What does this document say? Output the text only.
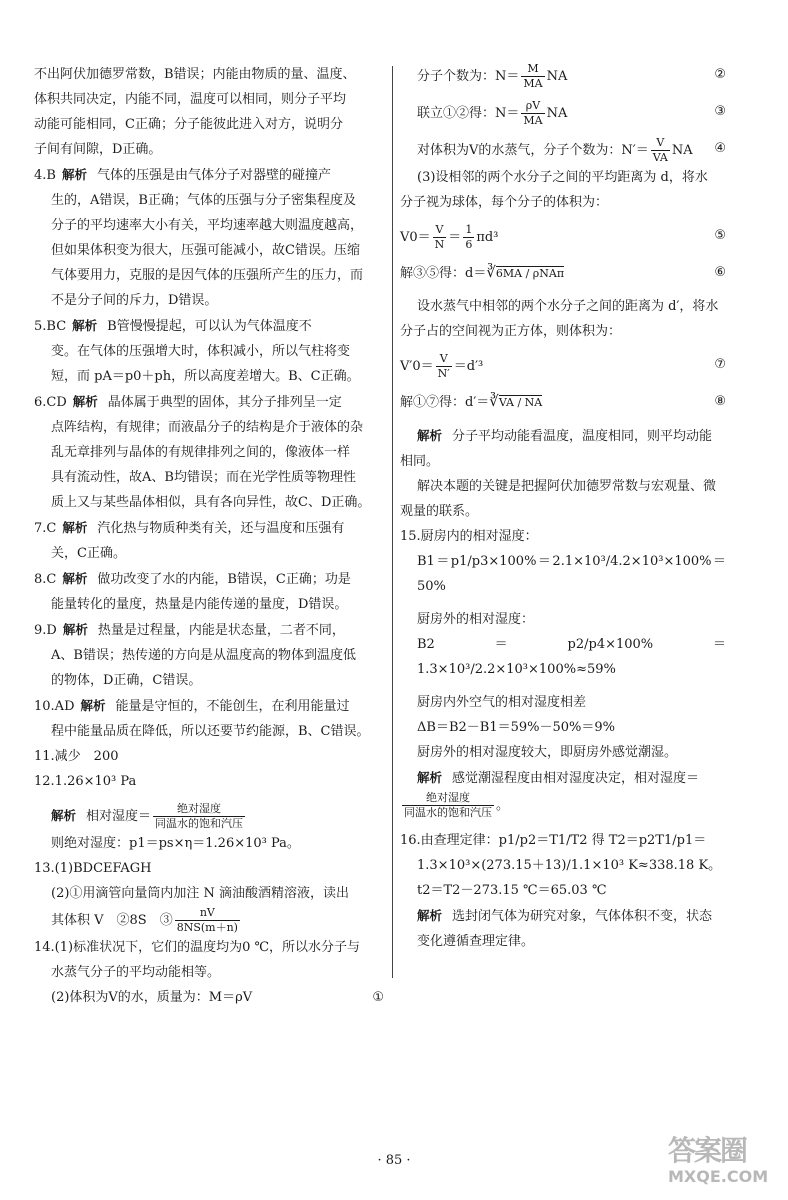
不出阿伏加德罗常数，B错误；内能由物质的量、温度、

体积共同决定，内能不同，温度可以相同，则分子平均

动能可能相同，C正确；分子能彼此进入对方，说明分

子间有间隙，D正确。

4.B 解析 气体的压强是由气体分子对器壁的碰撞产

生的，A错误，B正确；气体的压强与分子密集程度及

分子的平均速率大小有关，平均速率越大则温度越高，

但如果体积变为很大，压强可能减小，故C错误。压缩

气体要用力，克服的是因气体的压强所产生的压力，而

不是分子间的斥力，D错误。

5.BC 解析 B管慢慢提起，可以认为气体温度不

变。在气体的压强增大时，体积减小，所以气柱将变

短，而 pA＝p0＋ph，所以高度差增大。B、C正确。

6.CD 解析 晶体属于典型的固体，其分子排列呈一定

点阵结构，有规律；而液晶分子的结构是介于液体的杂

乱无章排列与晶体的有规律排列之间的，像液体一样

具有流动性，故A、B均错误；而在光学性质等物理性

质上又与某些晶体相似，具有各向异性，故C、D正确。

7.C 解析 汽化热与物质种类有关，还与温度和压强有

关，C正确。

8.C 解析 做功改变了水的内能，B错误，C正确；功是

能量转化的量度，热量是内能传递的量度，D错误。

9.D 解析 热量是过程量，内能是状态量，二者不同，

A、B错误；热传递的方向是从温度高的物体到温度低

的物体，D正确，C错误。

10.AD 解析 能量是守恒的，不能创生，在利用能量过

程中能量品质在降低，所以还要节约能源，B、C错误。

11.减少　200

12.1.26×10³ Pa

解析 相对湿度＝ $\frac{\text{绝对湿度}}{\text{同温水的饱和汽压}}$

则绝对湿度：p1＝ps×η＝1.26×10³ Pa。

13.(1)BDCEFAGH

(2)①用滴管向量筒内加注 N 滴油酸酒精溶液，读出

其体积 V　②8S　③ $\frac{nV}{8NS(m+n)}$

14.(1)标准状况下，它们的温度均为0 ℃，所以水分子与

水蒸气分子的平均动能相等。

(2)体积为V的水，质量为：M＝ρV	①

分子个数为：$N= \frac{M}{MA}$ NA	②

联立①②得：$N= \frac{\rho V}{MA}$ NA	③

对体积为V的水蒸气，分子个数为：$N'= \frac{V}{VA}$ NA ④

(3)设相邻的两个水分子之间的平均距离为 d，将水

分子视为球体，每个分子的体积为：

$V0= \frac{V}{N} = \frac{1}{6} \pi d^3$	⑤

解③⑤得：d＝∛6MA / ρNAπ	⑥

设水蒸气中相邻的两个水分子之间的距离为 d′，将水

分子占的空间视为正方体，则体积为：

$V'0= \frac{V}{N'} =d'^3$	⑦

解①⑦得：d′＝∛VA / NA	⑧

解析 分子平均动能看温度，温度相同，则平均动能

相同。

解决本题的关键是把握阿伏加德罗常数与宏观量、微

观量的联系。

15.厨房内的相对湿度：

B1＝p1/p3×100%＝2.1×10³/4.2×10³×100%＝50%

厨房外的相对湿度：

B2＝p2/p4×100%＝1.3×10³/2.2×10³×100%≈59%

厨房内外空气的相对湿度相差

ΔB＝B2－B1＝59%－50%＝9%

厨房外的相对湿度较大，即厨房外感觉潮湿。

解析 感觉潮湿程度由相对湿度决定，相对湿度＝

$\frac{\text{绝对湿度}}{\text{同温水的饱和汽压}}$ 。

16.由查理定律：p1/p2＝T1/T2 得 T2＝p2T1/p1＝

1.3×10³×(273.15＋13)/1.1×10³ K≈338.18 K。

t2＝T2－273.15 ℃＝65.03 ℃

解析 选封闭气体为研究对象，气体体积不变，状态

变化遵循查理定律。

· 85 ·	答案圈
MXQE.COM
